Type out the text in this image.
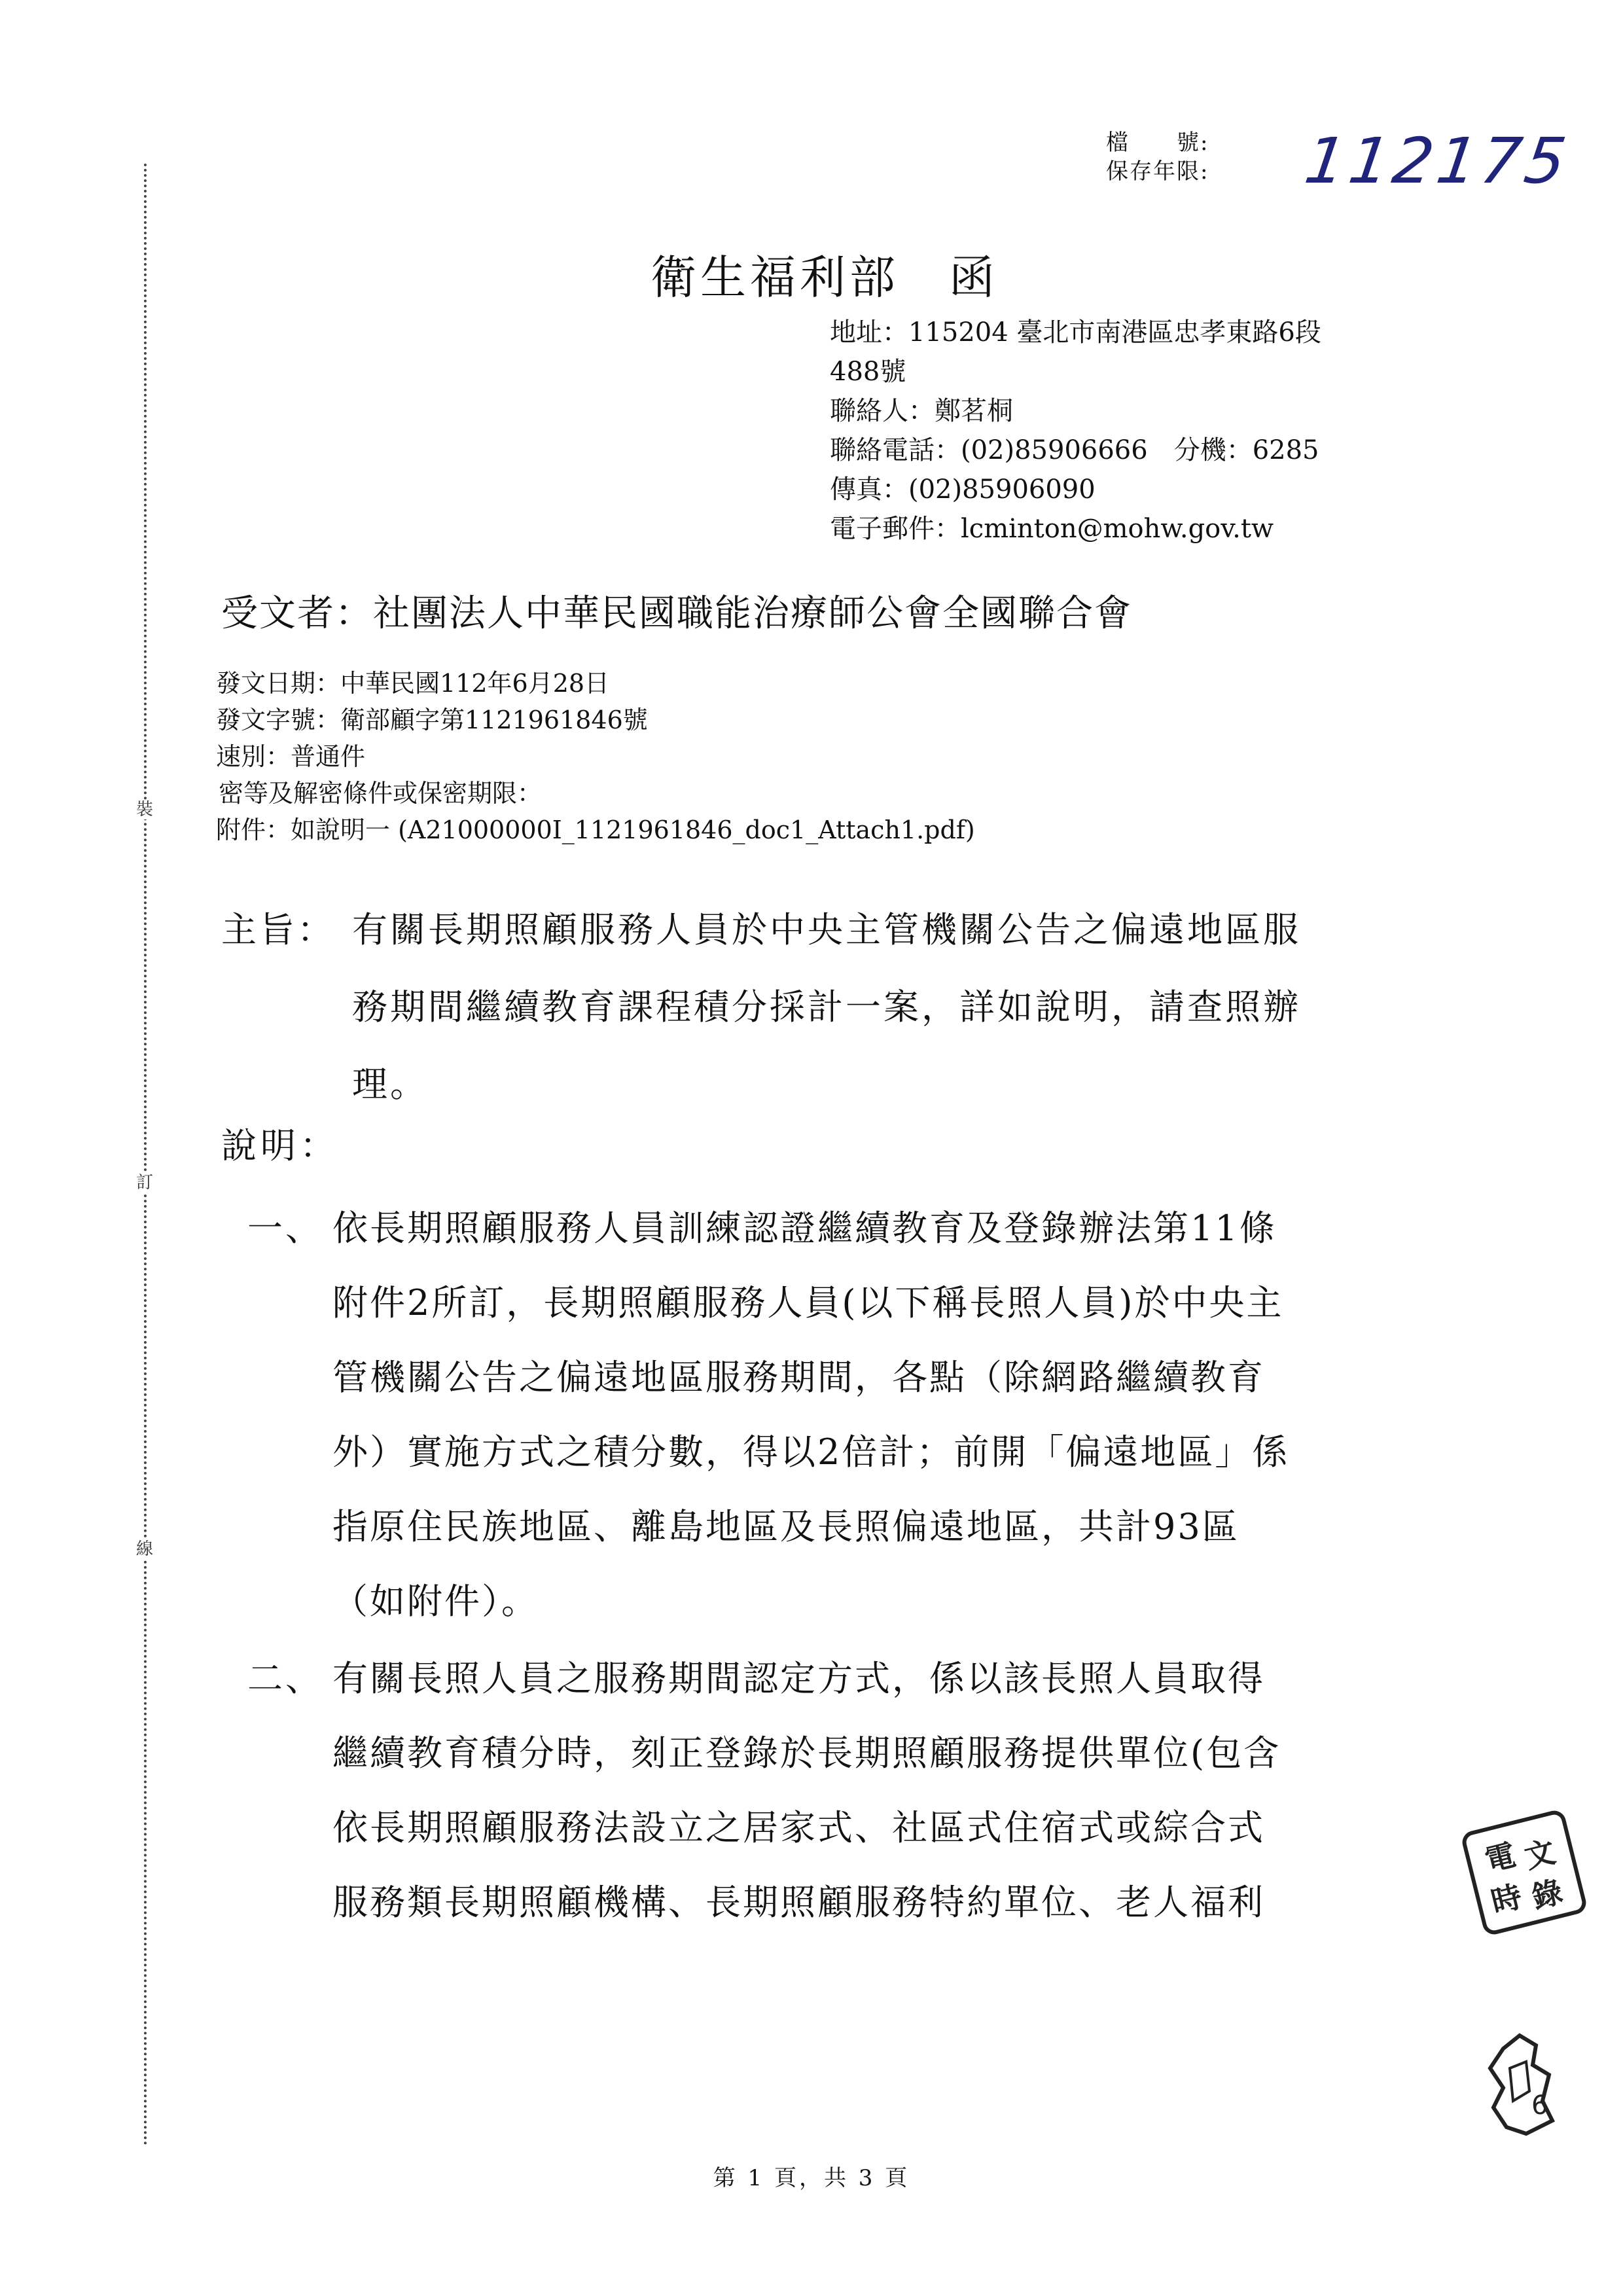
裝
訂
線
檔　　號:
保存年限: 112175
衛生福利部　函
地址：115204 臺北市南港區忠孝東路6段
488號
聯絡人：鄭茗桐
聯絡電話：(02)85906666　分機：6285
傳真：(02)85906090
電子郵件：lcminton@mohw.gov.tw
受文者：社團法人中華民國職能治療師公會全國聯合會
發文日期：中華民國112年6月28日
發文字號：衛部顧字第1121961846號
速別：普通件
密等及解密條件或保密期限：
附件：如說明一 (A21000000I_1121961846_doc1_Attach1.pdf)
主旨： 有關長期照顧服務人員於中央主管機關公告之偏遠地區服
務期間繼續教育課程積分採計一案，詳如說明，請查照辦
理。
說明：
一、 依長期照顧服務人員訓練認證繼續教育及登錄辦法第11條
附件2所訂，長期照顧服務人員(以下稱長照人員)於中央主
管機關公告之偏遠地區服務期間，各點（除網路繼續教育
外）實施方式之積分數，得以2倍計；前開「偏遠地區」係
指原住民族地區、離島地區及長照偏遠地區，共計93區
（如附件）。
二、 有關長照人員之服務期間認定方式，係以該長照人員取得
繼續教育積分時，刻正登錄於長期照顧服務提供單位(包含
依長期照顧服務法設立之居家式、社區式住宿式或綜合式
服務類長期照顧機構、長期照顧服務特約單位、老人福利
電 文
時 錄
6
第 1 頁，共 3 頁
